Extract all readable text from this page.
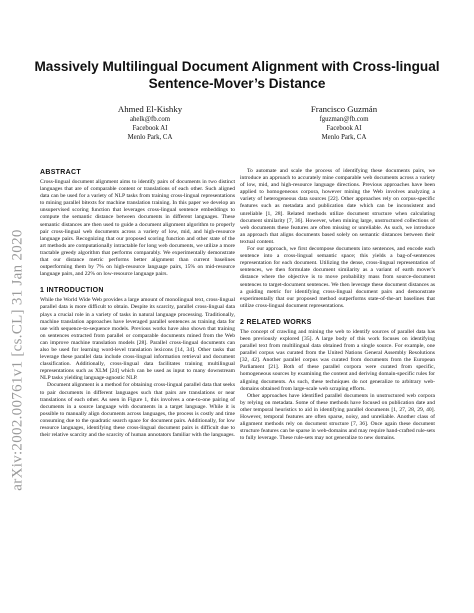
arXiv:2002.00761v1 [cs.CL] 31 Jan 2020
Massively Multilingual Document Alignment with Cross-lingual
Sentence-Mover’s Distance
Ahmed El-Kishky
ahelk@fb.com
Facebook AI
Menlo Park, CA
Francisco Guzmán
fguzman@fb.com
Facebook AI
Menlo Park, CA
ABSTRACT

Cross-lingual document alignment aims to identify pairs of documents in two distinct languages that are of comparable content or translations of each other. Such aligned data can be used for a variety of NLP tasks from training cross-lingual representations to mining parallel bitexts for machine translation training. In this paper we develop an unsupervised scoring function that leverages cross-lingual sentence embeddings to compute the semantic distance between documents in different languages. These semantic distances are then used to guide a document alignment algorithm to properly pair cross-lingual web documents across a variety of low, mid, and high-resource language pairs. Recognizing that our proposed scoring function and other state of the art methods are computationally intractable for long web documents, we utilize a more tractable greedy algorithm that performs comparably. We experimentally demonstrate that our distance metric performs better alignment than current baselines outperforming them by 7% on high-resource language pairs, 15% on mid-resource language pairs, and 22% on low-resource language pairs.

1 INTRODUCTION

While the World Wide Web provides a large amount of monolingual text, cross-lingual parallel data is more difficult to obtain. Despite its scarcity, parallel cross-lingual data plays a crucial role in a variety of tasks in natural language processing. Traditionally, machine translation approaches have leveraged parallel sentences as training data for use with sequence-to-sequence models. Previous works have also shown that training on sentences extracted from parallel or comparable documents mined from the Web can improve machine translation models [28]. Parallel cross-lingual documents can also be used for learning word-level translation lexicons [14, 34]. Other tasks that leverage these parallel data include cross-lingual information retrieval and document classification. Additionally, cross-lingual data facilitates training multilingual representations such as XLM [24] which can be used as input to many downstream NLP tasks yielding language-agnostic NLP.

Document alignment is a method for obtaining cross-lingual parallel data that seeks to pair documents in different languages such that pairs are translations or near translations of each other. As seen in Figure 1, this involves a one-to-one pairing of documents in a source language with documents in a target language. While it is possible to manually align documents across languages, the process is costly and time consuming due to the quadratic search space for document pairs. Additionally, for low resource languages, identifying these cross-lingual document pairs is difficult due to their relative scarcity and the scarcity of human annotators familiar with the languages.

To automate and scale the process of identifying these documents pairs, we introduce an approach to accurately mine comparable web documents across a variety of low, mid, and high-resource language directions. Previous approaches have been applied to homogeneous corpora, however mining the Web involves analyzing a variety of heterogeneous data sources [22]. Other approaches rely on corpus-specific features such as metadata and publication date which can be inconsistent and unreliable [1, 28]. Related methods utilize document structure when calculating document similarity [7, 36]. However, when mining large, unstructured collections of web documents these features are often missing or unreliable. As such, we introduce an approach that aligns documents based solely on semantic distances between their textual content.

For our approach, we first decompose documents into sentences, and encode each sentence into a cross-lingual semantic space; this yields a bag-of-sentences representation for each document. Utilizing the dense, cross-lingual representation of sentences, we then formulate document similarity as a variant of earth mover’s distance where the objective is to move probability mass from source-document sentences to target-document sentences. We then leverage these document distances as a guiding metric for identifying cross-lingual document pairs and demonstrate experimentally that our proposed method outperforms state-of-the-art baselines that utilize cross-lingual document representations.

2 RELATED WORKS

The concept of crawling and mining the web to identify sources of parallel data has been previously explored [35]. A large body of this work focuses on identifying parallel text from multilingual data obtained from a single source. For example, one parallel corpus was curated from the United Nations General Assembly Resolutions [32, 42]. Another parallel corpus was curated from documents from the European Parliament [21]. Both of these parallel corpora were curated from specific, homogeneous sources by examining the content and deriving domain-specific rules for aligning documents. As such, these techniques do not generalize to arbitrary web-domains obtained from large-scale web scraping efforts.

Other approaches have identified parallel documents in unstructured web corpora by relying on metadata. Some of these methods have focused on publication date and other temporal heuristics to aid in identifying parallel documents [1, 27, 28, 29, 40]. However, temporal features are often sparse, noisy, and unreliable. Another class of alignment methods rely on document structure [7, 36]. Once again these document structure features can be sparse in web-domains and may require hand-crafted rule-sets to fully leverage. These rule-sets may not generalize to new domains.
